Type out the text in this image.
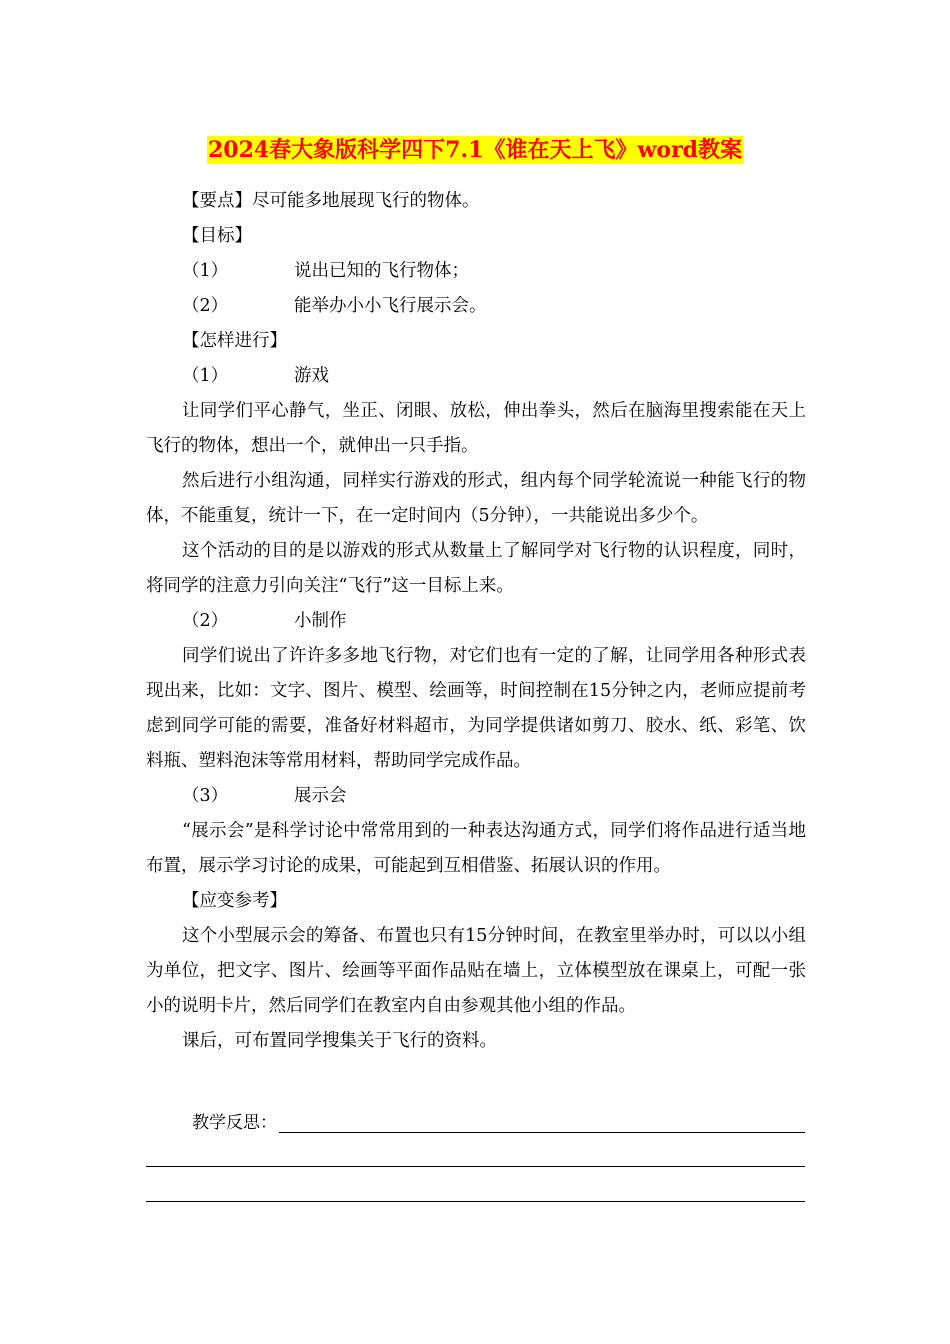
2024春大象版科学四下7.1《谁在天上飞》word教案
【要点】尽可能多地展现飞行的物体。
【目标】
（1）	说出已知的飞行物体；
（2）	能举办小小飞行展示会。
【怎样进行】
（1）	游戏
让同学们平心静气，坐正、闭眼、放松，伸出拳头，然后在脑海里搜索能在天上飞行的物体，想出一个，就伸出一只手指。
然后进行小组沟通，同样实行游戏的形式，组内每个同学轮流说一种能飞行的物体，不能重复，统计一下，在一定时间内（5分钟），一共能说出多少个。
这个活动的目的是以游戏的形式从数量上了解同学对飞行物的认识程度，同时，将同学的注意力引向关注“飞行”这一目标上来。
（2）	小制作
同学们说出了许许多多地飞行物，对它们也有一定的了解，让同学用各种形式表现出来，比如：文字、图片、模型、绘画等，时间控制在15分钟之内，老师应提前考虑到同学可能的需要，准备好材料超市，为同学提供诸如剪刀、胶水、纸、彩笔、饮料瓶、塑料泡沫等常用材料，帮助同学完成作品。
（3）	展示会
“展示会”是科学讨论中常常用到的一种表达沟通方式，同学们将作品进行适当地布置，展示学习讨论的成果，可能起到互相借鉴、拓展认识的作用。
【应变参考】
这个小型展示会的筹备、布置也只有15分钟时间，在教室里举办时，可以以小组为单位，把文字、图片、绘画等平面作品贴在墙上，立体模型放在课桌上，可配一张小的说明卡片，然后同学们在教室内自由参观其他小组的作品。
课后，可布置同学搜集关于飞行的资料。
教学反思：
